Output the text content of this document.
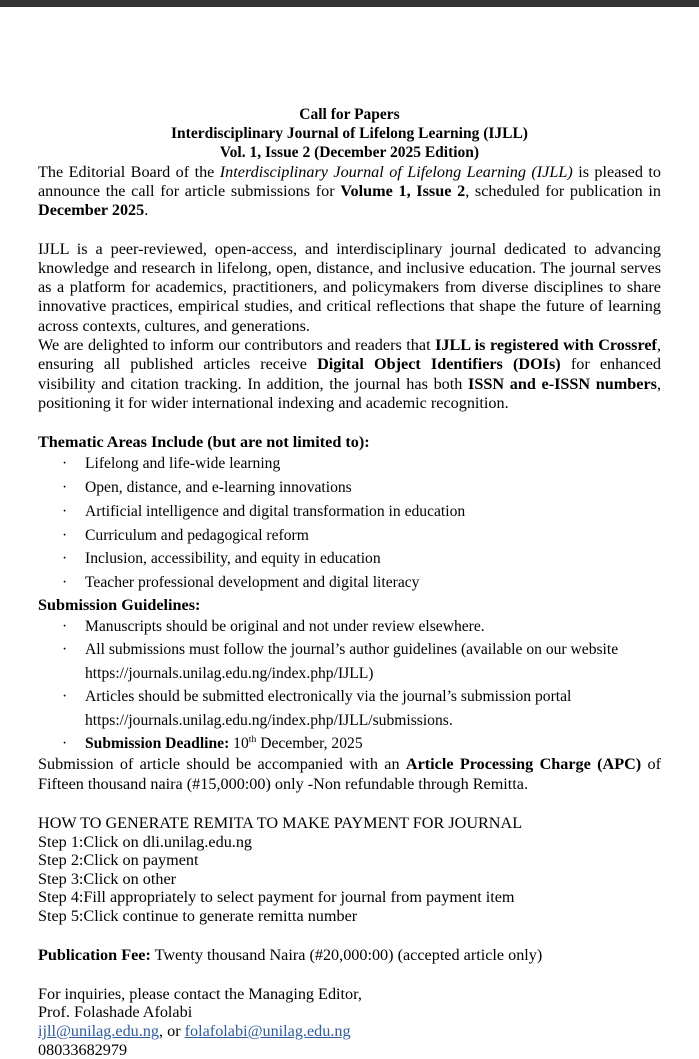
Call for Papers
Interdisciplinary Journal of Lifelong Learning (IJLL)
Vol. 1, Issue 2 (December 2025 Edition)

The Editorial Board of the Interdisciplinary Journal of Lifelong Learning (IJLL) is pleased to announce the call for article submissions for Volume 1, Issue 2, scheduled for publication in December 2025.

IJLL is a peer-reviewed, open-access, and interdisciplinary journal dedicated to advancing knowledge and research in lifelong, open, distance, and inclusive education. The journal serves as a platform for academics, practitioners, and policymakers from diverse disciplines to share innovative practices, empirical studies, and critical reflections that shape the future of learning across contexts, cultures, and generations.

We are delighted to inform our contributors and readers that IJLL is registered with Crossref, ensuring all published articles receive Digital Object Identifiers (DOIs) for enhanced visibility and citation tracking. In addition, the journal has both ISSN and e-ISSN numbers, positioning it for wider international indexing and academic recognition.

Thematic Areas Include (but are not limited to):
· Lifelong and life-wide learning
· Open, distance, and e-learning innovations
· Artificial intelligence and digital transformation in education
· Curriculum and pedagogical reform
· Inclusion, accessibility, and equity in education
· Teacher professional development and digital literacy
Submission Guidelines:
· Manuscripts should be original and not under review elsewhere.
· All submissions must follow the journal’s author guidelines (available on our website
https://journals.unilag.edu.ng/index.php/IJLL)
· Articles should be submitted electronically via the journal’s submission portal
https://journals.unilag.edu.ng/index.php/IJLL/submissions.
· Submission Deadline: 10th December, 2025

Submission of article should be accompanied with an Article Processing Charge (APC) of Fifteen thousand naira (#15,000:00) only -Non refundable through Remitta.

HOW TO GENERATE REMITA TO MAKE PAYMENT FOR JOURNAL

Step 1:Click on dli.unilag.edu.ng

Step 2:Click on payment

Step 3:Click on other

Step 4:Fill appropriately to select payment for journal from payment item

Step 5:Click continue to generate remitta number

Publication Fee: Twenty thousand Naira (#20,000:00) (accepted article only)

For inquiries, please contact the Managing Editor,

Prof. Folashade Afolabi

ijll@unilag.edu.ng, or folafolabi@unilag.edu.ng

08033682979
